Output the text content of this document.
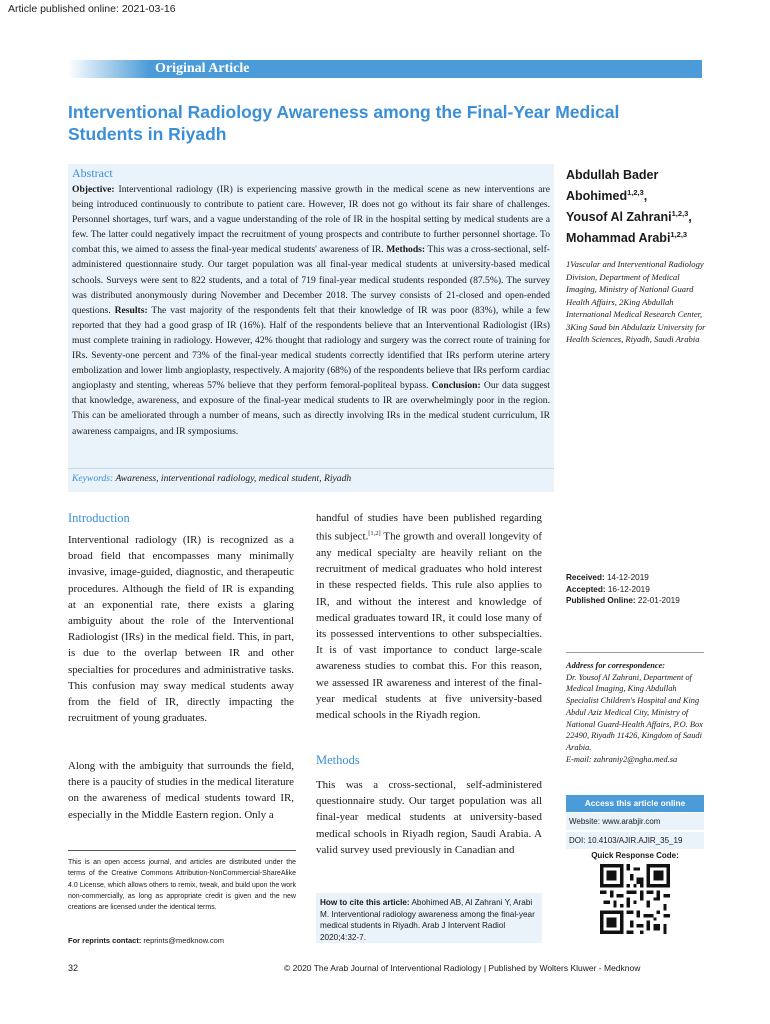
Article published online: 2021-03-16
Original Article
Interventional Radiology Awareness among the Final-Year Medical Students in Riyadh
Abstract

Objective: Interventional radiology (IR) is experiencing massive growth in the medical scene as new interventions are being introduced continuously to contribute to patient care. However, IR does not go without its fair share of challenges. Personnel shortages, turf wars, and a vague understanding of the role of IR in the hospital setting by medical students are a few. The latter could negatively impact the recruitment of young prospects and contribute to further personnel shortage. To combat this, we aimed to assess the final-year medical students' awareness of IR. Methods: This was a cross-sectional, self-administered questionnaire study. Our target population was all final-year medical students at university-based medical schools. Surveys were sent to 822 students, and a total of 719 final-year medical students responded (87.5%). The survey was distributed anonymously during November and December 2018. The survey consists of 21-closed and open-ended questions. Results: The vast majority of the respondents felt that their knowledge of IR was poor (83%), while a few reported that they had a good grasp of IR (16%). Half of the respondents believe that an Interventional Radiologist (IRs) must complete training in radiology. However, 42% thought that radiology and surgery was the correct route of training for IRs. Seventy-one percent and 73% of the final-year medical students correctly identified that IRs perform uterine artery embolization and lower limb angioplasty, respectively. A majority (68%) of the respondents believe that IRs perform cardiac angioplasty and stenting, whereas 57% believe that they perform femoral-popliteal bypass. Conclusion: Our data suggest that knowledge, awareness, and exposure of the final-year medical students to IR are overwhelmingly poor in the region. This can be ameliorated through a number of means, such as directly involving IRs in the medical student curriculum, IR awareness campaigns, and IR symposiums.

Keywords: Awareness, interventional radiology, medical student, Riyadh

Abdullah Bader Abohimed$^{1,2,3}$,
Yousof Al Zahrani$^{1,2,3}$,
Mohammad Arabi$^{1,2,3}$

1Vascular and Interventional Radiology Division, Department of Medical Imaging, Ministry of National Guard Health Affairs, 2King Abdullah International Medical Research Center, 3King Saud bin Abdulaziz University for Health Sciences, Riyadh, Saudi Arabia

Introduction

Interventional radiology (IR) is recognized as a broad field that encompasses many minimally invasive, image-guided, diagnostic, and therapeutic procedures. Although the field of IR is expanding at an exponential rate, there exists a glaring ambiguity about the role of the Interventional Radiologist (IRs) in the medical field. This, in part, is due to the overlap between IR and other specialties for procedures and administrative tasks. This confusion may sway medical students away from the field of IR, directly impacting the recruitment of young graduates.

Along with the ambiguity that surrounds the field, there is a paucity of studies in the medical literature on the awareness of medical students toward IR, especially in the Middle Eastern region. Only a

This is an open access journal, and articles are distributed under the terms of the Creative Commons Attribution-NonCommercial-ShareAlike 4.0 License, which allows others to remix, tweak, and build upon the work non-commercially, as long as appropriate credit is given and the new creations are licensed under the identical terms.

For reprints contact: reprints@medknow.com

handful of studies have been published regarding this subject.[1,2] The growth and overall longevity of any medical specialty are heavily reliant on the recruitment of medical graduates who hold interest in these respected fields. This rule also applies to IR, and without the interest and knowledge of medical graduates toward IR, it could lose many of its possessed interventions to other subspecialties. It is of vast importance to conduct large-scale awareness studies to combat this. For this reason, we assessed IR awareness and interest of the final-year medical students at five university-based medical schools in the Riyadh region.

Methods

This was a cross-sectional, self-administered questionnaire study. Our target population was all final-year medical students at university-based medical schools in Riyadh region, Saudi Arabia. A valid survey used previously in Canadian and

How to cite this article: Abohimed AB, Al Zahrani Y, Arabi M. Interventional radiology awareness among the final-year medical students in Riyadh. Arab J Intervent Radiol 2020;4:32-7.
Received: 14-12-2019
Accepted: 16-12-2019
Published Online: 22-01-2019
Address for correspondence:
Dr. Yousof Al Zahrani, Department of Medical Imaging, King Abdullah Specialist Children's Hospital and King Abdul Aziz Medical City, Ministry of National Guard-Health Affairs, P.O. Box 22490, Riyadh 11426, Kingdom of Saudi Arabia.
E-mail: zahraniy2@ngha.med.sa
Access this article online
Website: www.arabjir.com
DOI: 10.4103/AJIR.AJIR_35_19
Quick Response Code:
32	© 2020 The Arab Journal of Interventional Radiology | Published by Wolters Kluwer - Medknow
